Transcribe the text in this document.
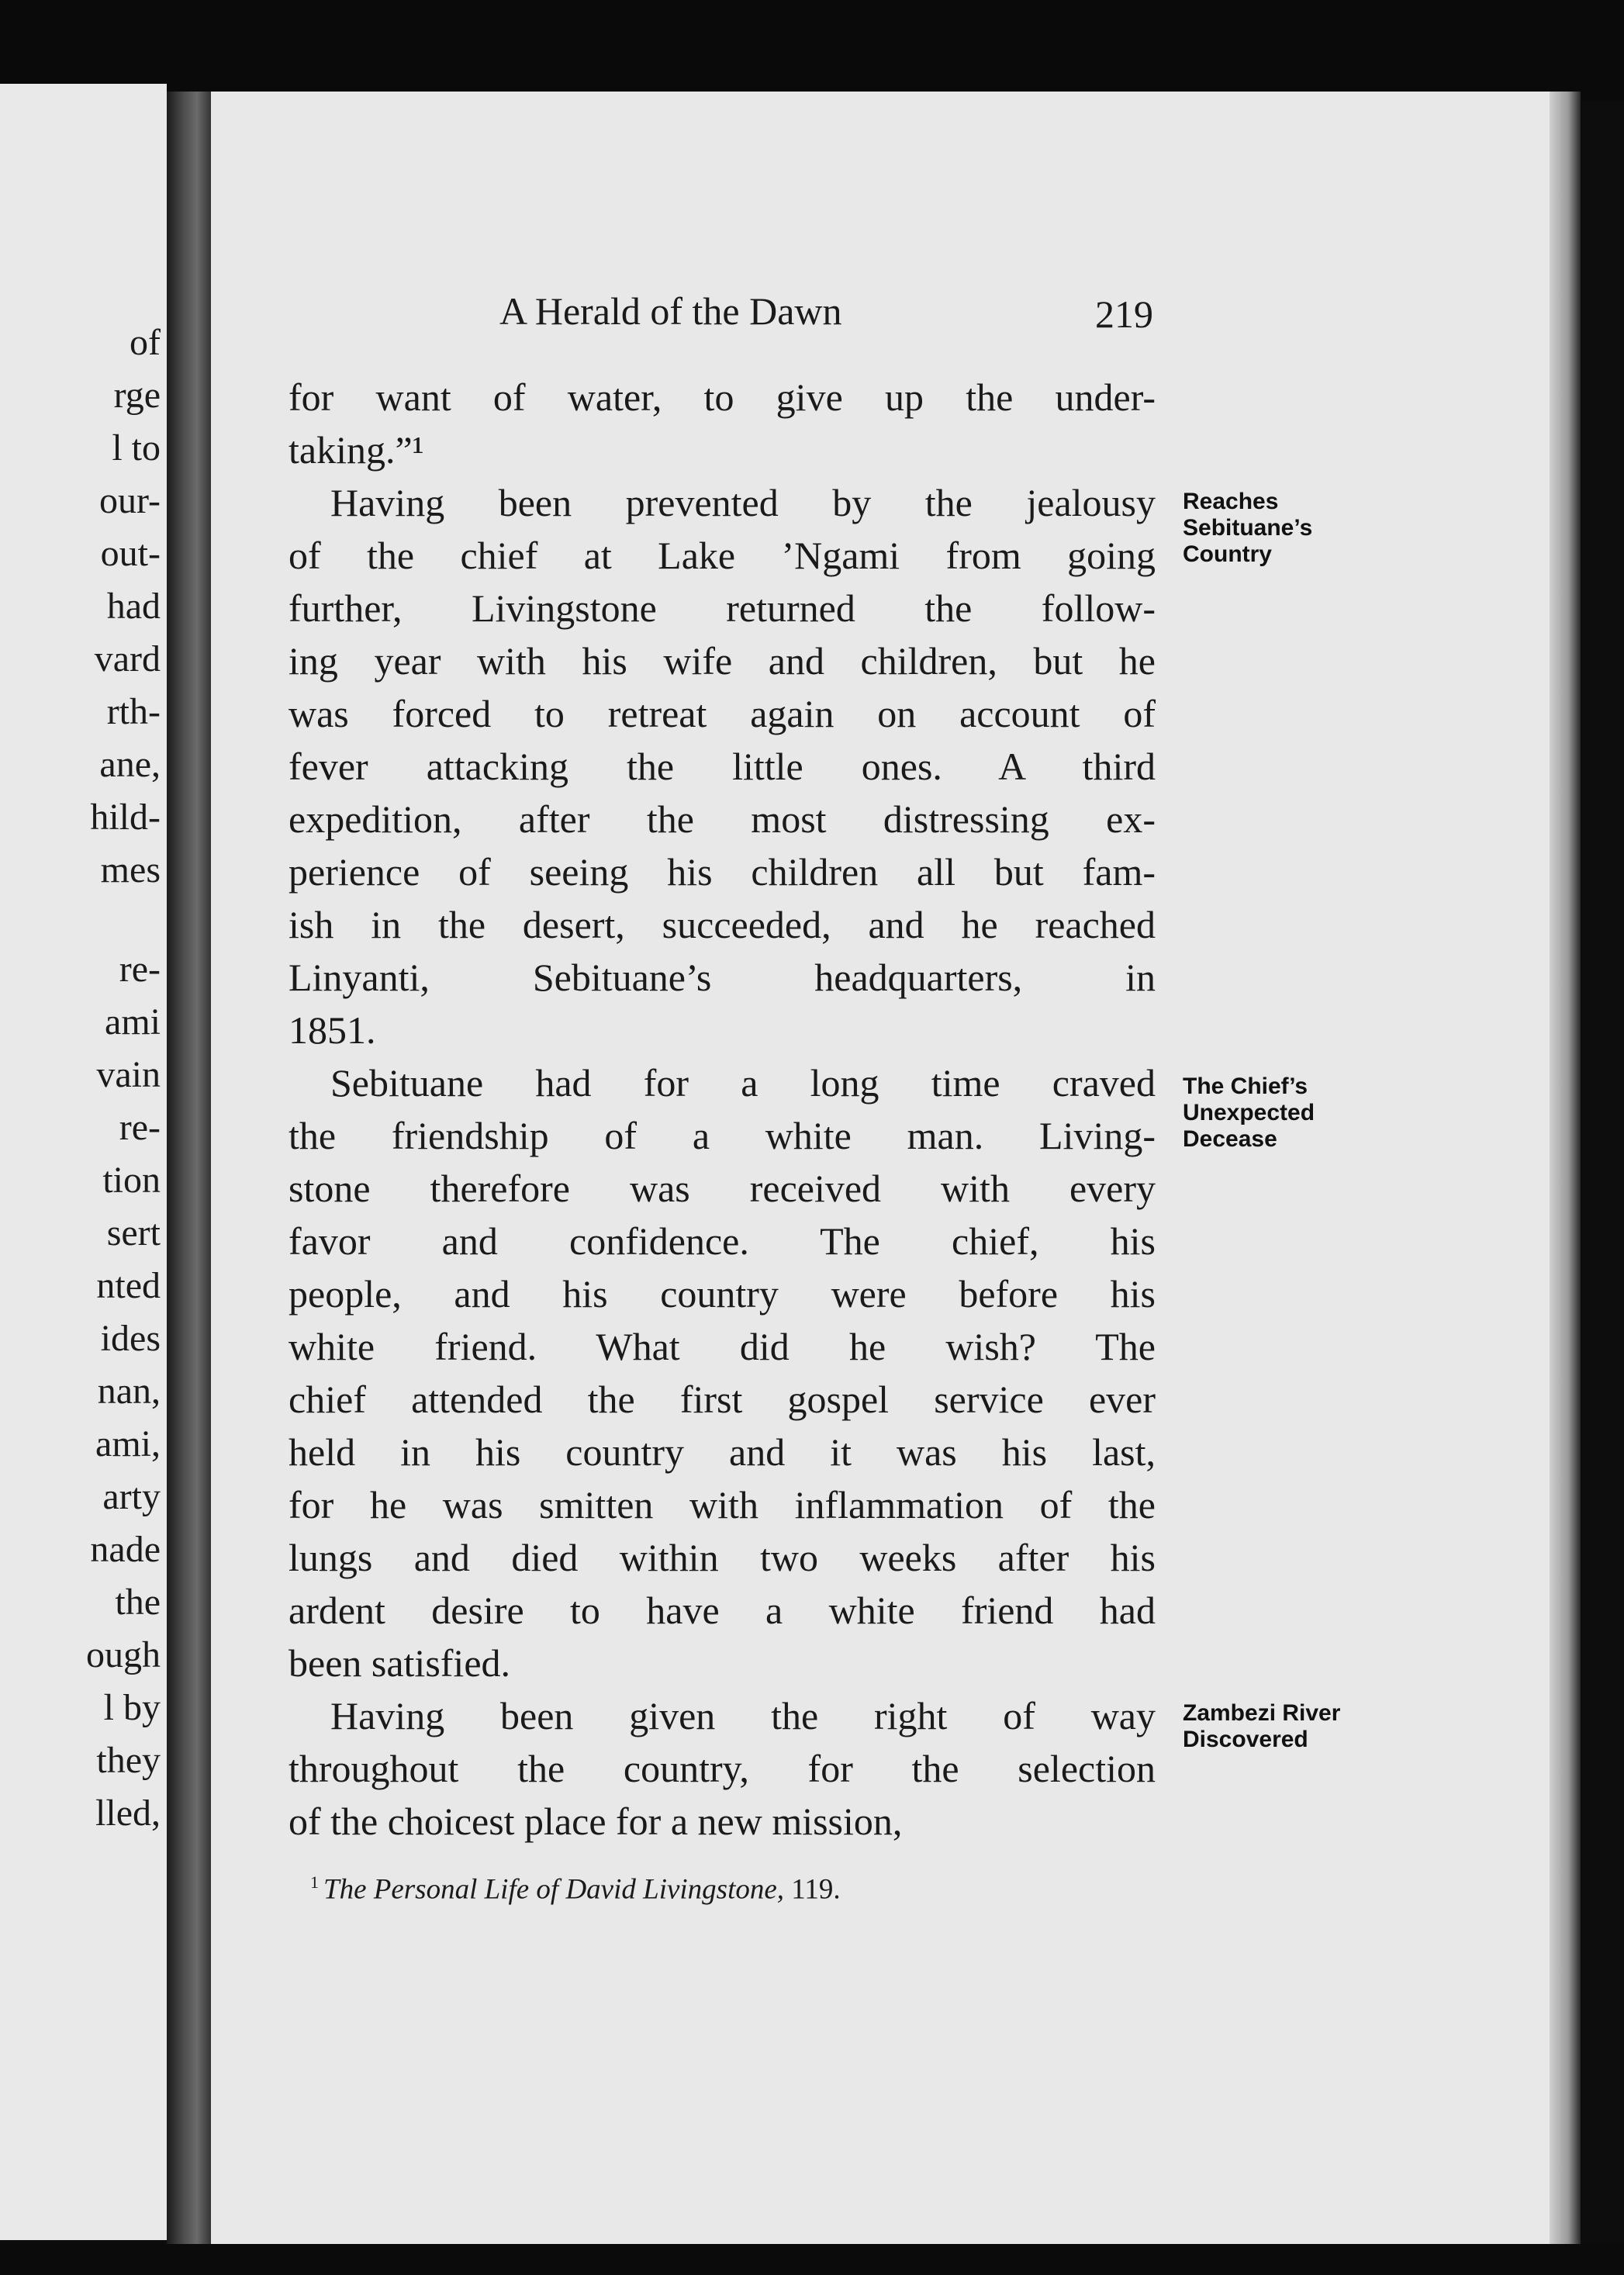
of
rge
l to
our-
out-
had
vard
rth-
ane,
hild-
mes
re-
ami
vain
re-
tion
sert
nted
ides
nan,
ami,
arty
nade
the
ough
l by
they
lled,
A Herald of the Dawn	219
for want of water, to give up the under-
taking.”¹
Having been prevented by the jealousy
of the chief at Lake ’Ngami from going
further, Livingstone returned the follow-
ing year with his wife and children, but he
was forced to retreat again on account of
fever attacking the little ones. A third
expedition, after the most distressing ex-
perience of seeing his children all but fam-
ish in the desert, succeeded, and he reached
Linyanti, Sebituane’s headquarters, in
1851.
Sebituane had for a long time craved
the friendship of a white man. Living-
stone therefore was received with every
favor and confidence. The chief, his
people, and his country were before his
white friend. What did he wish? The
chief attended the first gospel service ever
held in his country and it was his last,
for he was smitten with inflammation of the
lungs and died within two weeks after his
ardent desire to have a white friend had
been satisfied.
Having been given the right of way
throughout the country, for the selection
of the choicest place for a new mission,
Reaches
Sebituane’s
Country
The Chief’s
Unexpected
Decease
Zambezi River
Discovered
$^1$ The Personal Life of David Livingstone, 119.
